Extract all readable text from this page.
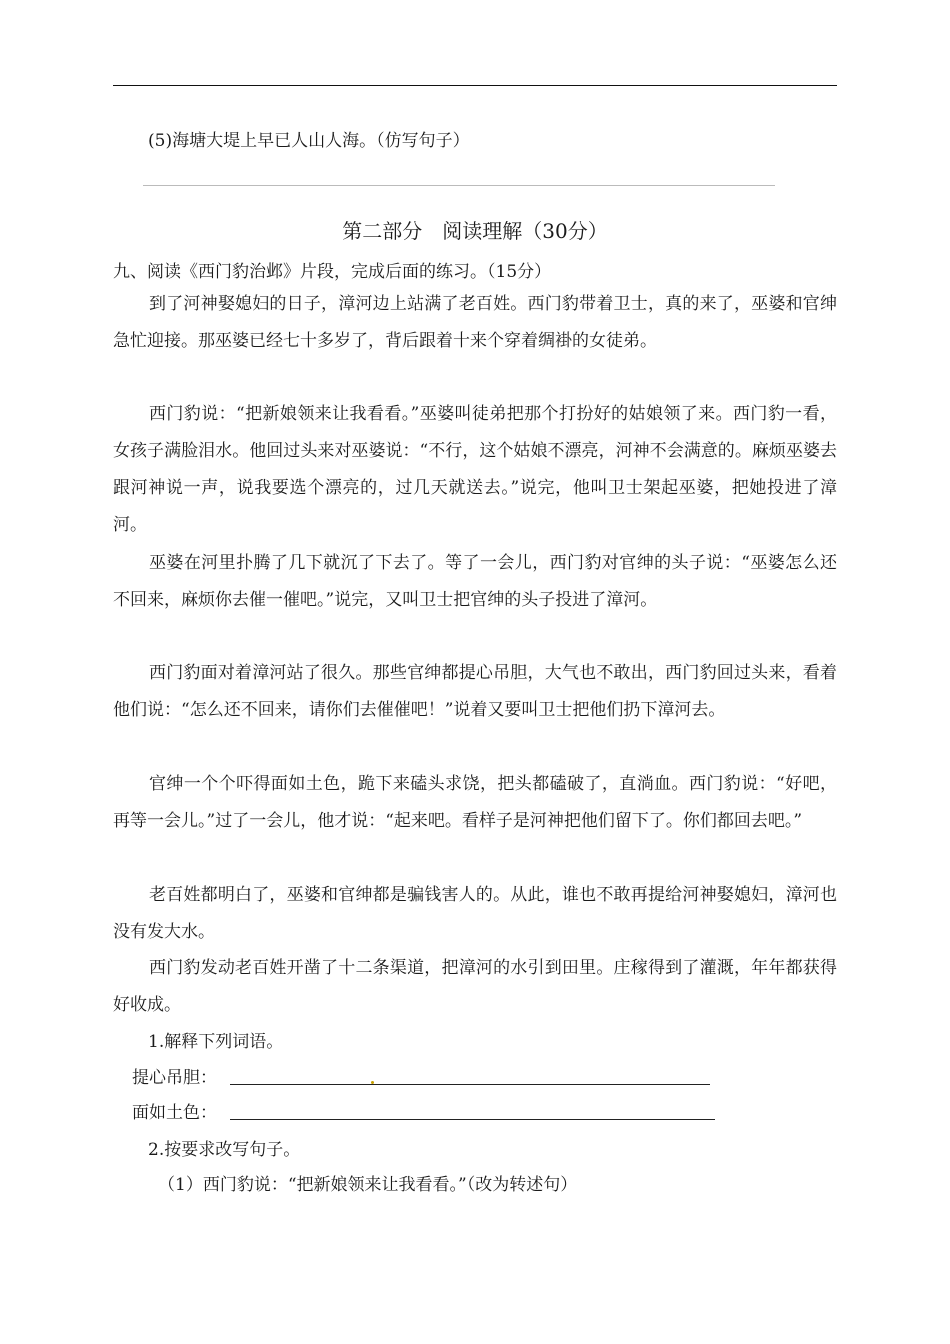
(5)海塘大堤上早已人山人海。（仿写句子）
第二部分　阅读理解（30分）
九、阅读《西门豹治邺》片段，完成后面的练习。（15分）
到了河神娶媳妇的日子，漳河边上站满了老百姓。西门豹带着卫士，真的来了，巫婆和官绅急忙迎接。那巫婆已经七十多岁了，背后跟着十来个穿着绸褂的女徒弟。
西门豹说：“把新娘领来让我看看。”巫婆叫徒弟把那个打扮好的姑娘领了来。西门豹一看，女孩子满脸泪水。他回过头来对巫婆说：“不行，这个姑娘不漂亮，河神不会满意的。麻烦巫婆去跟河神说一声，说我要选个漂亮的，过几天就送去。”说完，他叫卫士架起巫婆，把她投进了漳河。
巫婆在河里扑腾了几下就沉了下去了。等了一会儿，西门豹对官绅的头子说：“巫婆怎么还不回来，麻烦你去催一催吧。”说完，又叫卫士把官绅的头子投进了漳河。
西门豹面对着漳河站了很久。那些官绅都提心吊胆，大气也不敢出，西门豹回过头来，看着他们说：“怎么还不回来，请你们去催催吧！”说着又要叫卫士把他们扔下漳河去。
官绅一个个吓得面如土色，跪下来磕头求饶，把头都磕破了，直淌血。西门豹说：“好吧，再等一会儿。”过了一会儿，他才说：“起来吧。看样子是河神把他们留下了。你们都回去吧。”
老百姓都明白了，巫婆和官绅都是骗钱害人的。从此，谁也不敢再提给河神娶媳妇，漳河也没有发大水。
西门豹发动老百姓开凿了十二条渠道，把漳河的水引到田里。庄稼得到了灌溉，年年都获得好收成。
1.解释下列词语。
提心吊胆：
面如土色：
2.按要求改写句子。
（1）西门豹说：“把新娘领来让我看看。”（改为转述句）
